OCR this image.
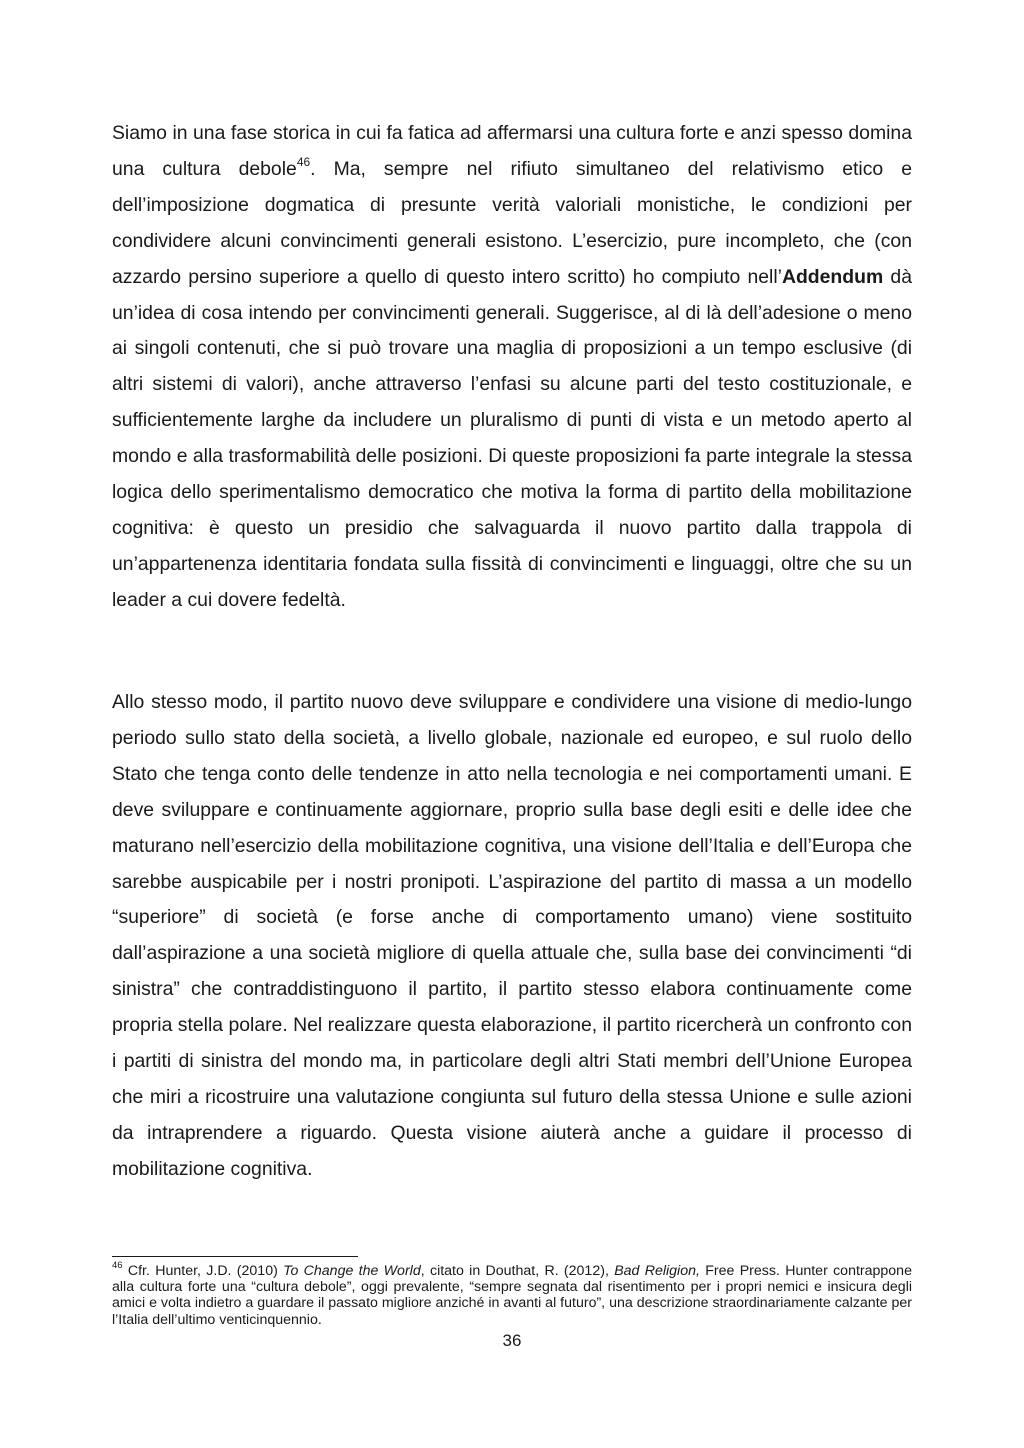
Siamo in una fase storica in cui fa fatica ad affermarsi una cultura forte e anzi spesso domina una cultura debole$^{46}$. Ma, sempre nel rifiuto simultaneo del relativismo etico e dell’imposizione dogmatica di presunte verità valoriali monistiche, le condizioni per condividere alcuni convincimenti generali esistono. L’esercizio, pure incompleto, che (con azzardo persino superiore a quello di questo intero scritto) ho compiuto nell’Addendum dà un’idea di cosa intendo per convincimenti generali. Suggerisce, al di là dell’adesione o meno ai singoli contenuti, che si può trovare una maglia di proposizioni a un tempo esclusive (di altri sistemi di valori), anche attraverso l’enfasi su alcune parti del testo costituzionale, e sufficientemente larghe da includere un pluralismo di punti di vista e un metodo aperto al mondo e alla trasformabilità delle posizioni. Di queste proposizioni fa parte integrale la stessa logica dello sperimentalismo democratico che motiva la forma di partito della mobilitazione cognitiva: è questo un presidio che salvaguarda il nuovo partito dalla trappola di un’appartenenza identitaria fondata sulla fissità di convincimenti e linguaggi, oltre che su un leader a cui dovere fedeltà.

Allo stesso modo, il partito nuovo deve sviluppare e condividere una visione di medio-lungo periodo sullo stato della società, a livello globale, nazionale ed europeo, e sul ruolo dello Stato che tenga conto delle tendenze in atto nella tecnologia e nei comportamenti umani. E deve sviluppare e continuamente aggiornare, proprio sulla base degli esiti e delle idee che maturano nell’esercizio della mobilitazione cognitiva, una visione dell’Italia e dell’Europa che sarebbe auspicabile per i nostri pronipoti. L’aspirazione del partito di massa a un modello “superiore” di società (e forse anche di comportamento umano) viene sostituito dall’aspirazione a una società migliore di quella attuale che, sulla base dei convincimenti “di sinistra” che contraddistinguono il partito, il partito stesso elabora continuamente come propria stella polare. Nel realizzare questa elaborazione, il partito ricercherà un confronto con i partiti di sinistra del mondo ma, in particolare degli altri Stati membri dell’Unione Europea che miri a ricostruire una valutazione congiunta sul futuro della stessa Unione e sulle azioni da intraprendere a riguardo. Questa visione aiuterà anche a guidare il processo di mobilitazione cognitiva.

$^{46}$ Cfr. Hunter, J.D. (2010) To Change the World, citato in Douthat, R. (2012), Bad Religion, Free Press. Hunter contrappone alla cultura forte una “cultura debole”, oggi prevalente, “sempre segnata dal risentimento per i propri nemici e insicura degli amici e volta indietro a guardare il passato migliore anziché in avanti al futuro”, una descrizione straordinariamente calzante per l’Italia dell’ultimo venticinquennio.

36
